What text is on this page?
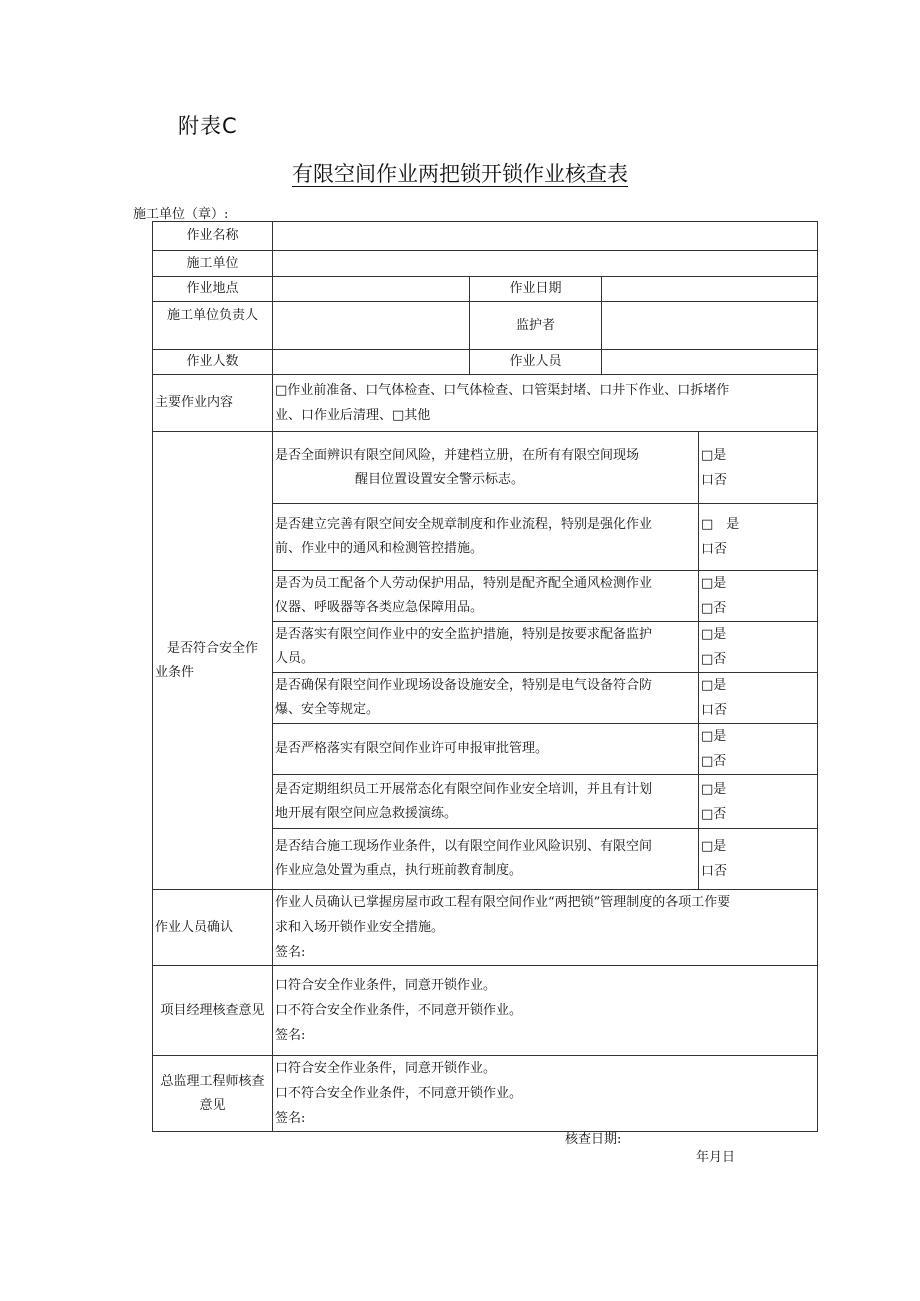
附表C
有限空间作业两把锁开锁作业核查表
施工单位（章）:
作业名称				
施工单位				
作业地点		作业日期		
施工单位负责人		监护者		
作业人数		作业人员		
主要作业内容	□作业前准备、口气体检查、口气体检查、口管渠封堵、口井下作业、口拆堵作
业、口作业后清理、□其他			

是否符合安全作
业条件	是否全面辨识有限空间风险，并建档立册，在所有有限空间现场
醒目位置设置安全警示标志。			□是
口否

	是否建立完善有限空间安全规章制度和作业流程，特别是强化作业
前、作业中的通风和检测管控措施。			□　是
口否

	是否为员工配备个人劳动保护用品，特别是配齐配全通风检测作业
仪器、呼吸器等各类应急保障用品。			□是
□否

	是否落实有限空间作业中的安全监护措施，特别是按要求配备监护
人员。			□是
□否

	是否确保有限空间作业现场设备设施安全，特别是电气设备符合防
爆、安全等规定。			□是
口否

	是否严格落实有限空间作业许可申报审批管理。			□是
□否

	是否定期组织员工开展常态化有限空间作业安全培训，并且有计划
地开展有限空间应急救援演练。			□是
□否

	是否结合施工现场作业条件，以有限空间作业风险识别、有限空间
作业应急处置为重点，执行班前教育制度。			□是
口否

作业人员确认	作业人员确认已掌握房屋市政工程有限空间作业“两把锁”管理制度的各项工作要
求和入场开锁作业安全措施。
签名:			

项目经理核查意见	口符合安全作业条件，同意开锁作业。
口不符合安全作业条件，不同意开锁作业。
签名:			

总监理工程师核查
意见	口符合安全作业条件，同意开锁作业。
口不符合安全作业条件，不同意开锁作业。
签名:			
核查日期:
年月日
